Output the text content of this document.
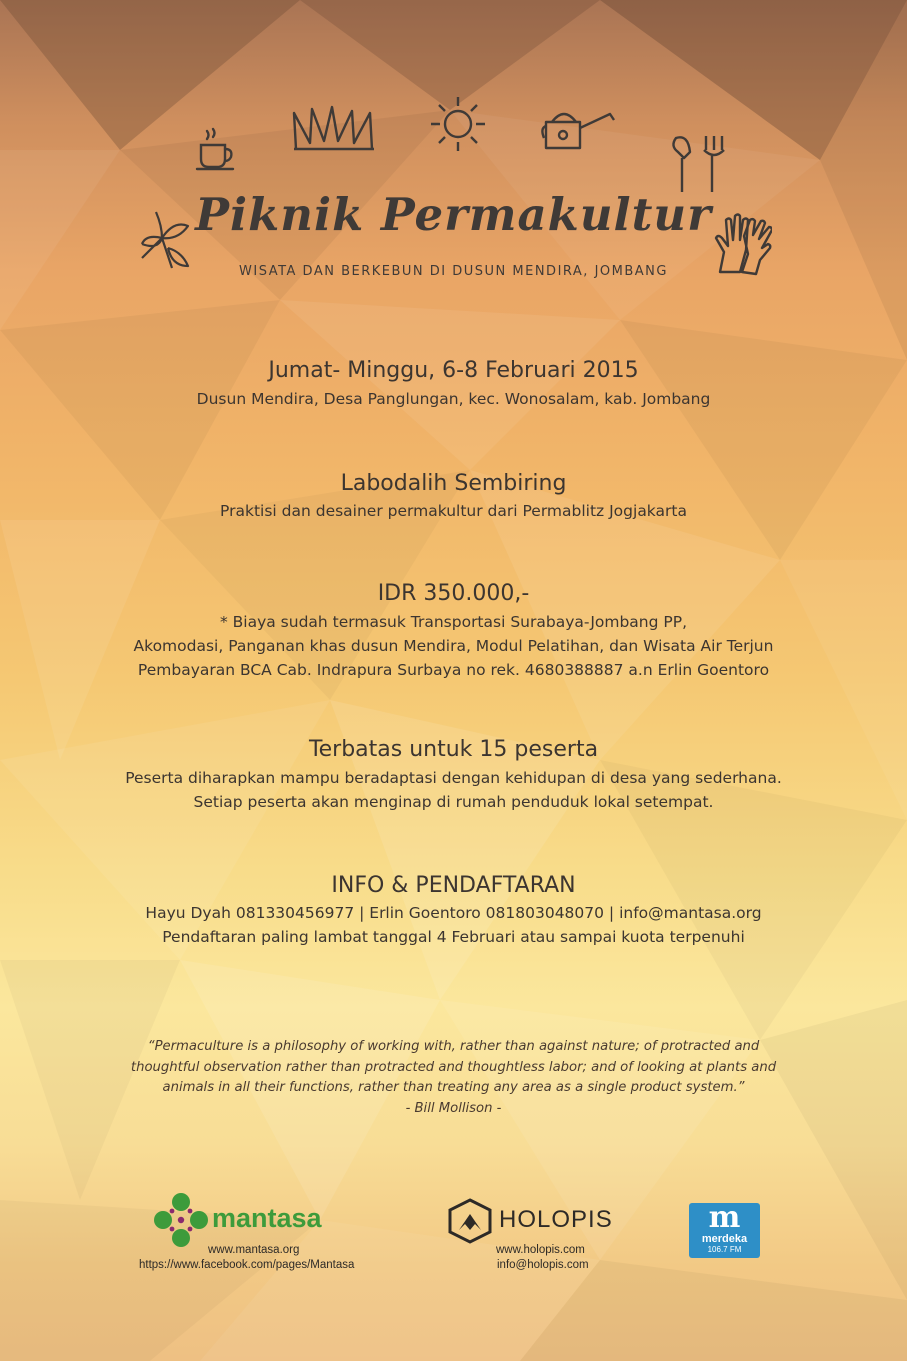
Piknik Permakultur
WISATA DAN BERKEBUN DI DUSUN MENDIRA, JOMBANG
Jumat- Minggu, 6-8 Februari 2015
Dusun Mendira, Desa Panglungan, kec. Wonosalam, kab. Jombang
Labodalih Sembiring
Praktisi dan desainer permakultur dari Permablitz Jogjakarta
IDR 350.000,-
* Biaya sudah termasuk Transportasi Surabaya-Jombang PP,
Akomodasi, Panganan khas dusun Mendira, Modul Pelatihan, dan Wisata Air Terjun
Pembayaran BCA Cab. Indrapura Surbaya no rek. 4680388887 a.n Erlin Goentoro
Terbatas untuk 15 peserta
Peserta diharapkan mampu beradaptasi dengan kehidupan di desa yang sederhana.
Setiap peserta akan menginap di rumah penduduk lokal setempat.
INFO & PENDAFTARAN
Hayu Dyah 081330456977 | Erlin Goentoro 081803048070 | info@mantasa.org
Pendaftaran paling lambat tanggal 4 Februari atau sampai kuota terpenuhi
“Permaculture is a philosophy of working with, rather than against nature; of protracted and
thoughtful observation rather than protracted and thoughtless labor; and of looking at plants and
animals in all their functions, rather than treating any area as a single product system.”
- Bill Mollison -
mantasa
www.mantasa.org
https://www.facebook.com/pages/Mantasa
HOLOPIS
www.holopis.com
info@holopis.com
m
merdeka
106.7 FM
